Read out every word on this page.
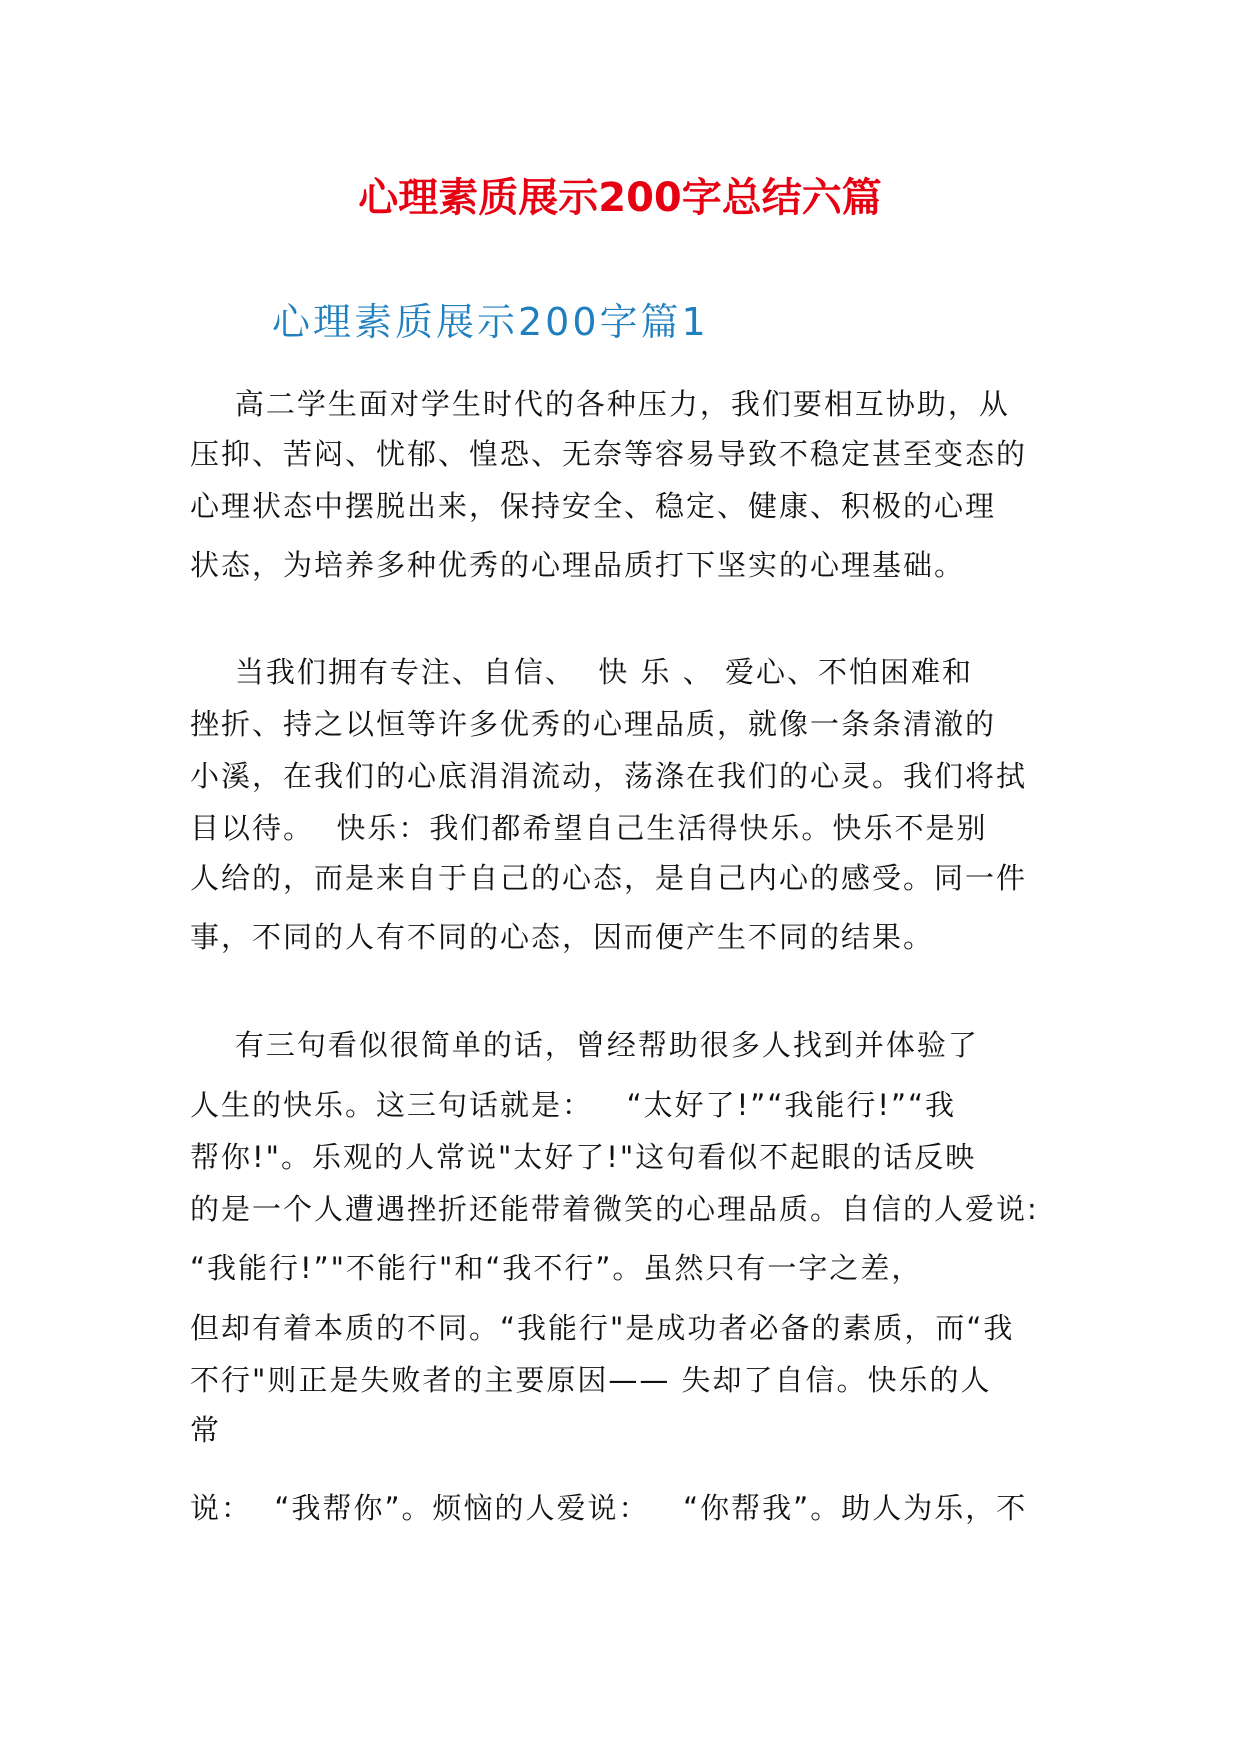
心理素质展示200字总结六篇
心理素质展示200字篇1
高二学生面对学生时代的各种压力，我们要相互协助，从
压抑、苦闷、忧郁、惶恐、无奈等容易导致不稳定甚至变态的
心理状态中摆脱出来，保持安全、稳定、健康、积极的心理
状态，为培养多种优秀的心理品质打下坚实的心理基础。
当我们拥有专注、自信、  快 乐 、 爱心、不怕困难和
挫折、持之以恒等许多优秀的心理品质，就像一条条清澈的
小溪，在我们的心底涓涓流动，荡涤在我们的心灵。我们将拭
目以待。  快乐：我们都希望自己生活得快乐。快乐不是别
人给的，而是来自于自己的心态，是自己内心的感受。同一件
事，不同的人有不同的心态，因而便产生不同的结果。
有三句看似很简单的话，曾经帮助很多人找到并体验了
人生的快乐。这三句话就是：   “太好了!”“我能行!”“我
帮你!"。乐观的人常说"太好了!"这句看似不起眼的话反映
的是一个人遭遇挫折还能带着微笑的心理品质。自信的人爱说:
“我能行!”"不能行"和“我不行”。虽然只有一字之差，
但却有着本质的不同。“我能行"是成功者必备的素质，而“我
不行"则正是失败者的主要原因—— 失却了自信。快乐的人
常
说：  “我帮你”。烦恼的人爱说：   “你帮我”。助人为乐，不
